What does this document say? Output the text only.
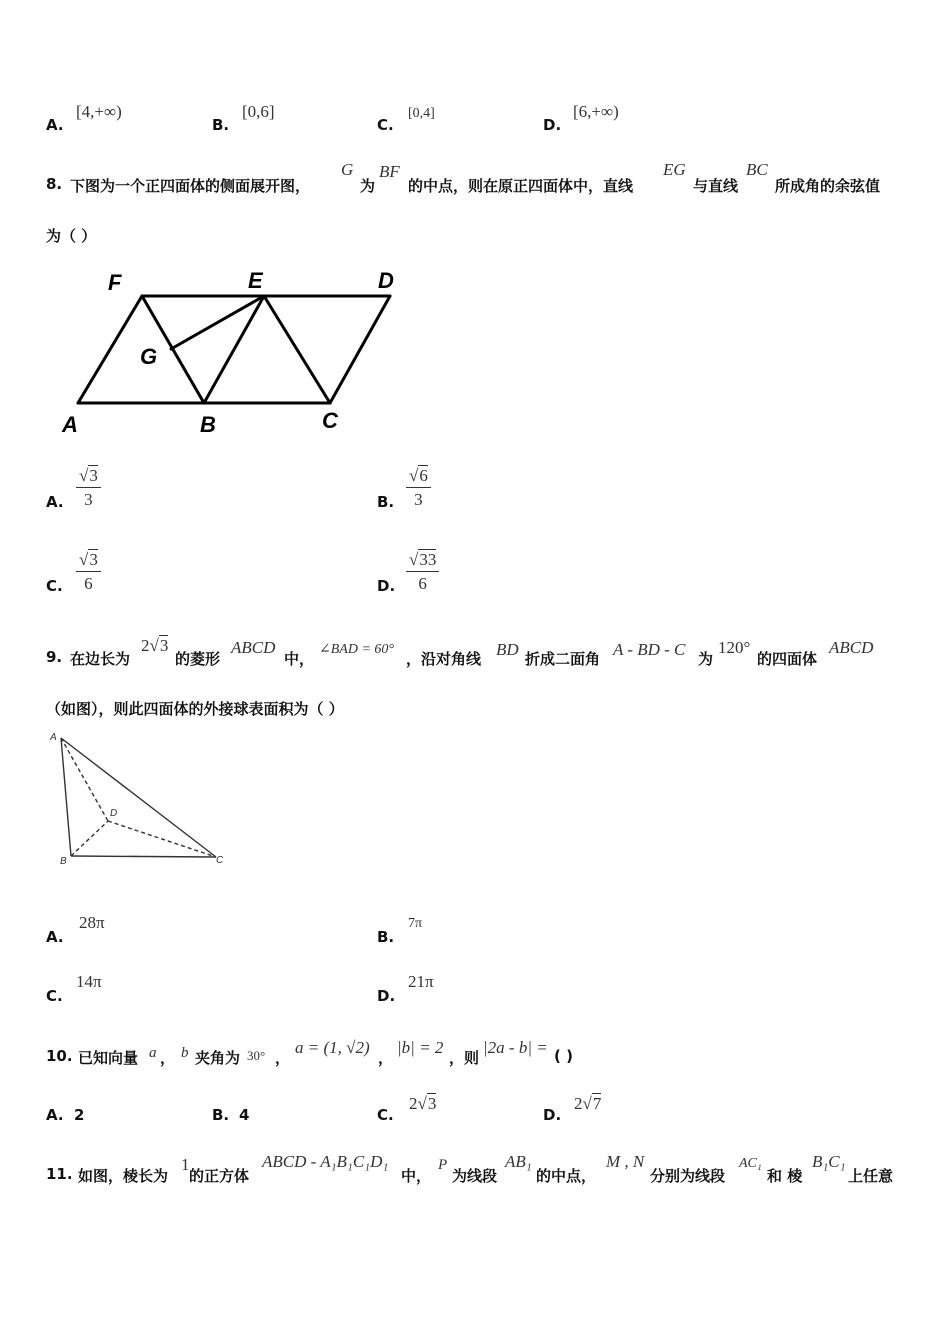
A.
[4,+∞)
B.
[0,6]
C.
[0,4]
D.
[6,+∞)
8. 下图为一个正四面体的侧面展开图，
G
为
BF
的中点，则在原正四面体中，直线
EG
与直线
BC
所成角的余弦值
为（ ）
F	E	D
G
A	B	C
A. $\frac{√3}{3}$	B. $\frac{√6}{3}$
C. $\frac{√3}{6}$	D. $\frac{√33}{6}$
9. 在边长为
2√3
的菱形
ABCD
中，
∠BAD = 60°
，沿对角线 BD 折成二面角 A - BD - C 为
120°
的四面体
ABCD
（如图），则此四面体的外接球表面积为（ ）
A
B	C
D
A.
28π
B.
7π
C.
14π
D.
21π
10. 已知向量 a ， b 夹角为 30° ，
a = (1, √2)
，
|b| = 2
，则
|2a - b| = ( )
A. 2	B. 4	C.
2√3
D.
2√7
11. 如图，棱长为
1
的正方体
ABCD - A₁B₁C₁D₁
中，
P
为线段
AB₁
的中点，
M , N
分别为线段
AC₁
和 棱
B₁C₁
上任意
